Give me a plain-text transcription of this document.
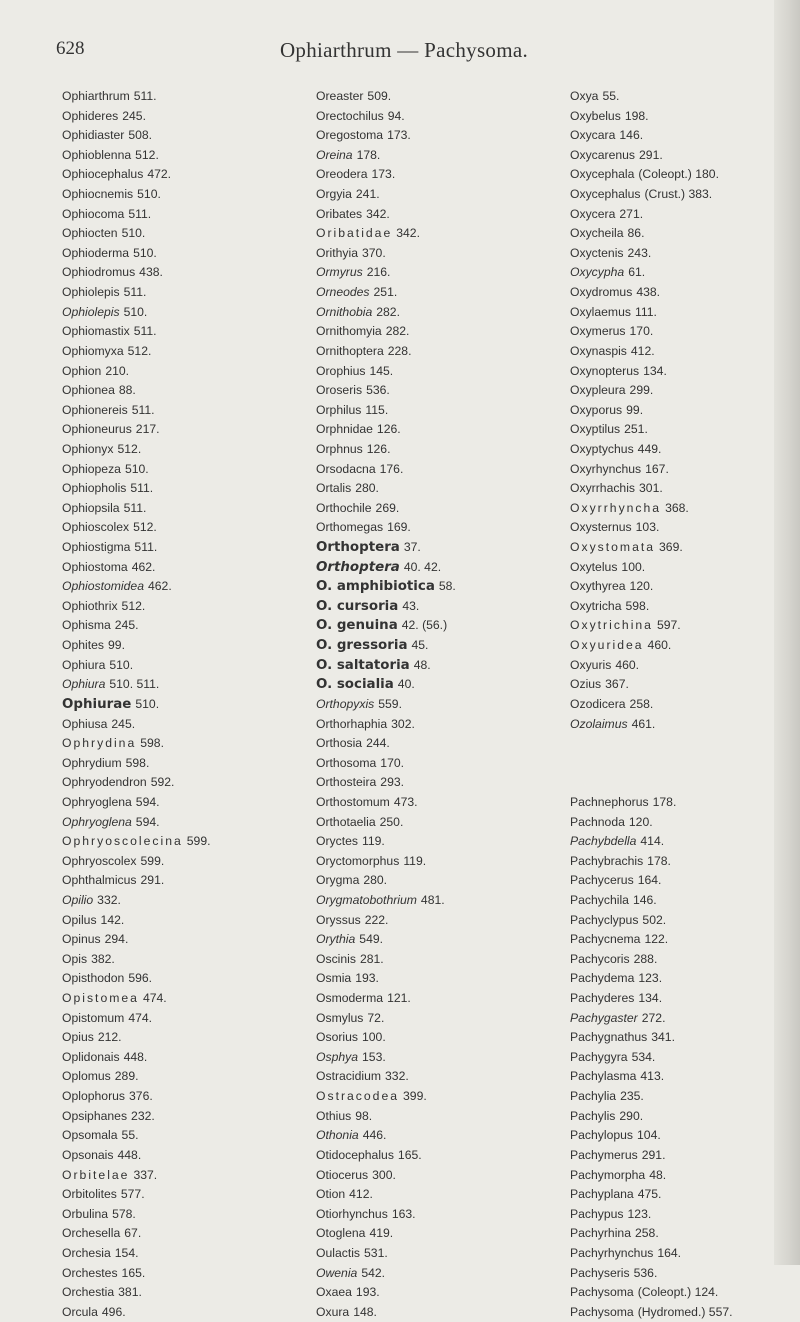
628	Ophiarthrum — Pachysoma.
Ophiarthrum 511.
Ophideres 245.
Ophidiaster 508.
Ophioblenna 512.
Ophiocephalus 472.
Ophiocnemis 510.
Ophiocoma 511.
Ophiocten 510.
Ophioderma 510.
Ophiodromus 438.
Ophiolepis 511.
Ophiolepis 510.
Ophiomastix 511.
Ophiomyxa 512.
Ophion 210.
Ophionea 88.
Ophionereis 511.
Ophioneurus 217.
Ophionyx 512.
Ophiopeza 510.
Ophiopholis 511.
Ophiopsila 511.
Ophioscolex 512.
Ophiostigma 511.
Ophiostoma 462.
Ophiostomidea 462.
Ophiothrix 512.
Ophisma 245.
Ophites 99.
Ophiura 510.
Ophiura 510. 511.
Ophiurae 510.
Ophiusa 245.
Ophrydina 598.
Ophrydium 598.
Ophryodendron 592.
Ophryoglena 594.
Ophryoglena 594.
Ophryoscolecina 599.
Ophryoscolex 599.
Ophthalmicus 291.
Opilio 332.
Opilus 142.
Opinus 294.
Opis 382.
Opisthodon 596.
Opistomea 474.
Opistomum 474.
Opius 212.
Oplidonais 448.
Oplomus 289.
Oplophorus 376.
Opsiphanes 232.
Opsomala 55.
Opsonais 448.
Orbitelae 337.
Orbitolites 577.
Orbulina 578.
Orchesella 67.
Orchesia 154.
Orchestes 165.
Orchestia 381.
Orcula 496.
Oreaster 509.
Orectochilus 94.
Oregostoma 173.
Oreina 178.
Oreodera 173.
Orgyia 241.
Oribates 342.
Oribatidae 342.
Orithyia 370.
Ormyrus 216.
Orneodes 251.
Ornithobia 282.
Ornithomyia 282.
Ornithoptera 228.
Orophius 145.
Oroseris 536.
Orphilus 115.
Orphnidae 126.
Orphnus 126.
Orsodacna 176.
Ortalis 280.
Orthochile 269.
Orthomegas 169.
Orthoptera 37.
Orthoptera 40. 42.
O. amphibiotica 58.
O. cursoria 43.
O. genuina 42. (56.)
O. gressoria 45.
O. saltatoria 48.
O. socialia 40.
Orthopyxis 559.
Orthorhaphia 302.
Orthosia 244.
Orthosoma 170.
Orthosteira 293.
Orthostomum 473.
Orthotaelia 250.
Oryctes 119.
Oryctomorphus 119.
Orygma 280.
Orygmatobothrium 481.
Oryssus 222.
Orythia 549.
Oscinis 281.
Osmia 193.
Osmoderma 121.
Osmylus 72.
Osorius 100.
Osphya 153.
Ostracidium 332.
Ostracodea 399.
Othius 98.
Othonia 446.
Otidocephalus 165.
Otiocerus 300.
Otion 412.
Otiorhynchus 163.
Otoglena 419.
Oulactis 531.
Owenia 542.
Oxaea 193.
Oxura 148.
Oxya 55.
Oxybelus 198.
Oxycara 146.
Oxycarenus 291.
Oxycephala (Coleopt.) 180.
Oxycephalus (Crust.) 383.
Oxycera 271.
Oxycheila 86.
Oxyctenis 243.
Oxycypha 61.
Oxydromus 438.
Oxylaemus 111.
Oxymerus 170.
Oxynaspis 412.
Oxynopterus 134.
Oxypleura 299.
Oxyporus 99.
Oxyptilus 251.
Oxyptychus 449.
Oxyrhynchus 167.
Oxyrrhachis 301.
Oxyrrhyncha 368.
Oxysternus 103.
Oxystomata 369.
Oxytelus 100.
Oxythyrea 120.
Oxytricha 598.
Oxytrichina 597.
Oxyuridea 460.
Oxyuris 460.
Ozius 367.
Ozodicera 258.
Ozolaimus 461.
Pachnephorus 178.
Pachnoda 120.
Pachybdella 414.
Pachybrachis 178.
Pachycerus 164.
Pachychila 146.
Pachyclypus 502.
Pachycnema 122.
Pachycoris 288.
Pachydema 123.
Pachyderes 134.
Pachygaster 272.
Pachygnathus 341.
Pachygyra 534.
Pachylasma 413.
Pachylia 235.
Pachylis 290.
Pachylopus 104.
Pachymerus 291.
Pachymorpha 48.
Pachyplana 475.
Pachypus 123.
Pachyrhina 258.
Pachyrhynchus 164.
Pachyseris 536.
Pachysoma (Coleopt.) 124.
Pachysoma (Hydromed.) 557.
